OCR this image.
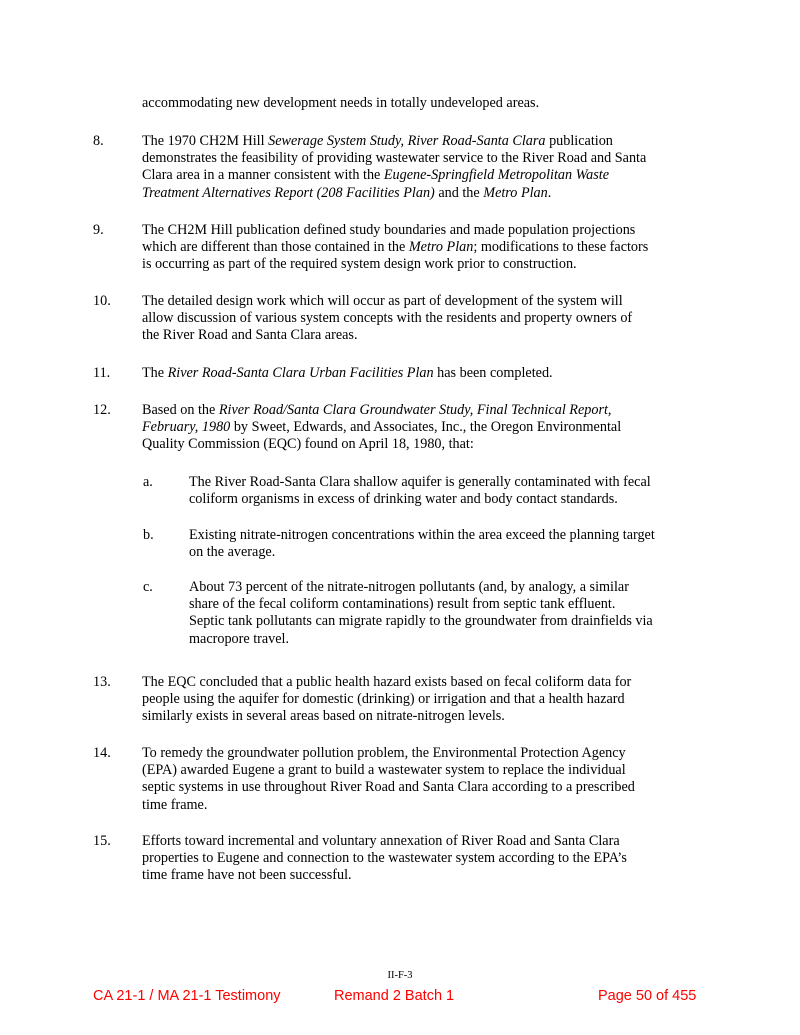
accommodating new development needs in totally undeveloped areas.
8.	The 1970 CH2M Hill Sewerage System Study, River Road-Santa Clara publication
demonstrates the feasibility of providing wastewater service to the River Road and Santa
Clara area in a manner consistent with the Eugene-Springfield Metropolitan Waste
Treatment Alternatives Report (208 Facilities Plan) and the Metro Plan.
9.	The CH2M Hill publication defined study boundaries and made population projections
which are different than those contained in the Metro Plan; modifications to these factors
is occurring as part of the required system design work prior to construction.
10. The detailed design work which will occur as part of development of the system will
allow discussion of various system concepts with the residents and property owners of
the River Road and Santa Clara areas.
11. The River Road-Santa Clara Urban Facilities Plan has been completed.
12. Based on the River Road/Santa Clara Groundwater Study, Final Technical Report,
February, 1980 by Sweet, Edwards, and Associates, Inc., the Oregon Environmental
Quality Commission (EQC) found on April 18, 1980, that:
a.	The River Road-Santa Clara shallow aquifer is generally contaminated with fecal
coliform organisms in excess of drinking water and body contact standards.
b. Existing nitrate-nitrogen concentrations within the area exceed the planning target
on the average.
c.	About 73 percent of the nitrate-nitrogen pollutants (and, by analogy, a similar
share of the fecal coliform contaminations) result from septic tank effluent.
Septic tank pollutants can migrate rapidly to the groundwater from drainfields via
macropore travel.
13. The EQC concluded that a public health hazard exists based on fecal coliform data for
people using the aquifer for domestic (drinking) or irrigation and that a health hazard
similarly exists in several areas based on nitrate-nitrogen levels.
14. To remedy the groundwater pollution problem, the Environmental Protection Agency
(EPA) awarded Eugene a grant to build a wastewater system to replace the individual
septic systems in use throughout River Road and Santa Clara according to a prescribed
time frame.
15. Efforts toward incremental and voluntary annexation of River Road and Santa Clara
properties to Eugene and connection to the wastewater system according to the EPA’s
time frame have not been successful.
II-F-3
CA 21-1 / MA 21-1 Testimony	Remand 2 Batch 1	Page 50 of 455
